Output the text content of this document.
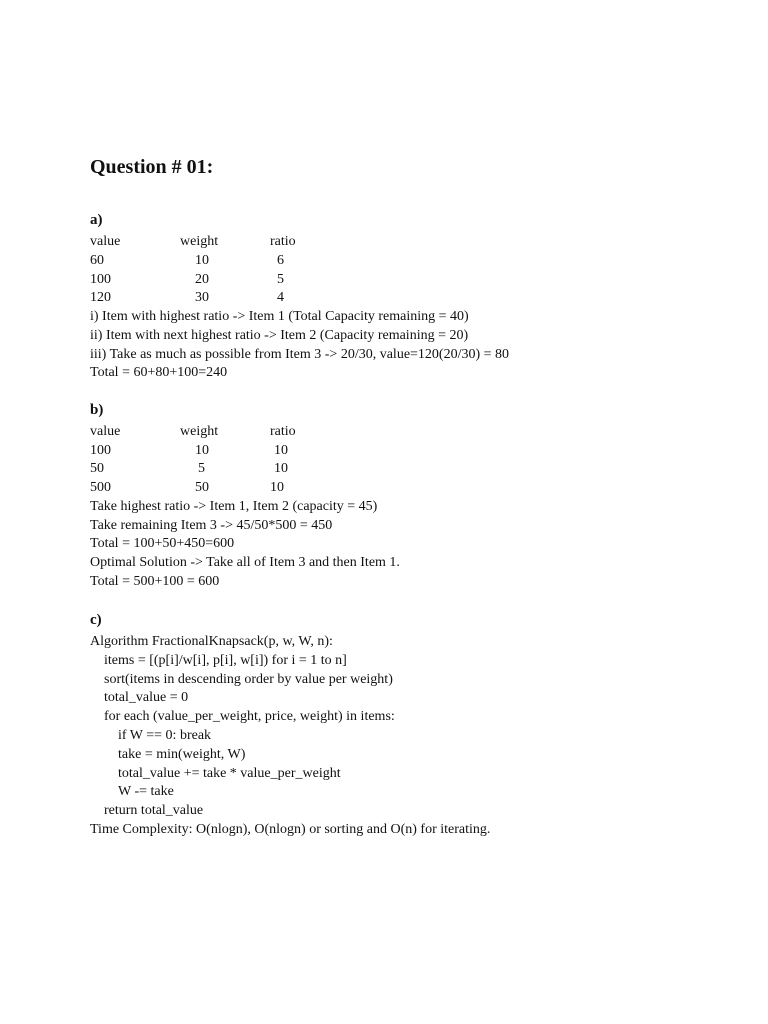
Question # 01:
a)
value	weight	ratio
60	10	6
100	20	5
120	30	4
i) Item with highest ratio -> Item 1 (Total Capacity remaining = 40)
ii) Item with next highest ratio -> Item 2 (Capacity remaining = 20)
iii) Take as much as possible from Item 3 -> 20/30, value=120(20/30) = 80
Total = 60+80+100=240
b)
value	weight	ratio
100	10	10
50	5	10
500	50	10
Take highest ratio -> Item 1, Item 2 (capacity = 45)
Take remaining Item 3 -> 45/50*500 = 450
Total = 100+50+450=600
Optimal Solution -> Take all of Item 3 and then Item 1.
Total = 500+100 = 600
c)
Algorithm FractionalKnapsack(p, w, W, n):
items = [(p[i]/w[i], p[i], w[i]) for i = 1 to n]
sort(items in descending order by value per weight)
total_value = 0
for each (value_per_weight, price, weight) in items:
if W == 0: break
take = min(weight, W)
total_value += take * value_per_weight
W -= take
return total_value
Time Complexity: O(nlogn), O(nlogn) or sorting and O(n) for iterating.
